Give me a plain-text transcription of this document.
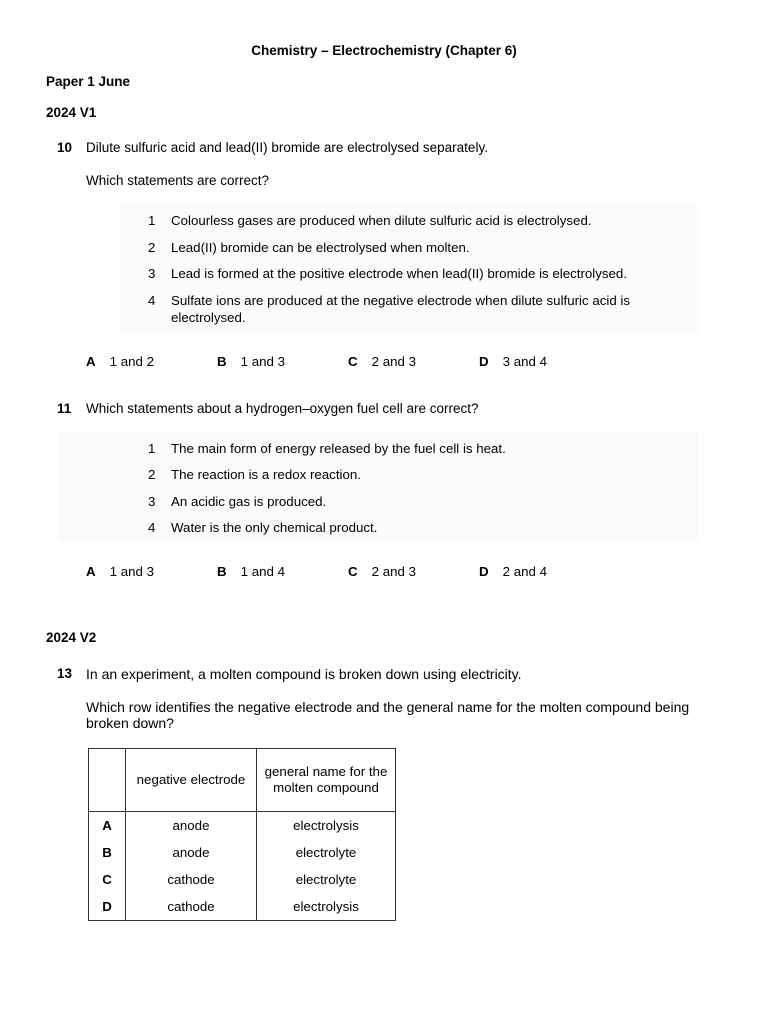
Chemistry – Electrochemistry (Chapter 6)
Paper 1 June
2024 V1
10 Dilute sulfuric acid and lead(II) bromide are electrolysed separately.
Which statements are correct?
1	Colourless gases are produced when dilute sulfuric acid is electrolysed.
2	Lead(II) bromide can be electrolysed when molten.
3	Lead is formed at the positive electrode when lead(II) bromide is electrolysed.
4	Sulfate ions are produced at the negative electrode when dilute sulfuric acid is electrolysed.
A 1 and 2	B 1 and 3	C 2 and 3	D 3 and 4
11 Which statements about a hydrogen–oxygen fuel cell are correct?
1	The main form of energy released by the fuel cell is heat.
2	The reaction is a redox reaction.
3	An acidic gas is produced.
4	Water is the only chemical product.
A 1 and 3	B 1 and 4	C 2 and 3	D 2 and 4
2024 V2
13 In an experiment, a molten compound is broken down using electricity.
Which row identifies the negative electrode and the general name for the molten compound being broken down?
	negative electrode	general name for the molten compound
A	anode	electrolysis
B	anode	electrolyte
C	cathode	electrolyte
D	cathode	electrolysis
